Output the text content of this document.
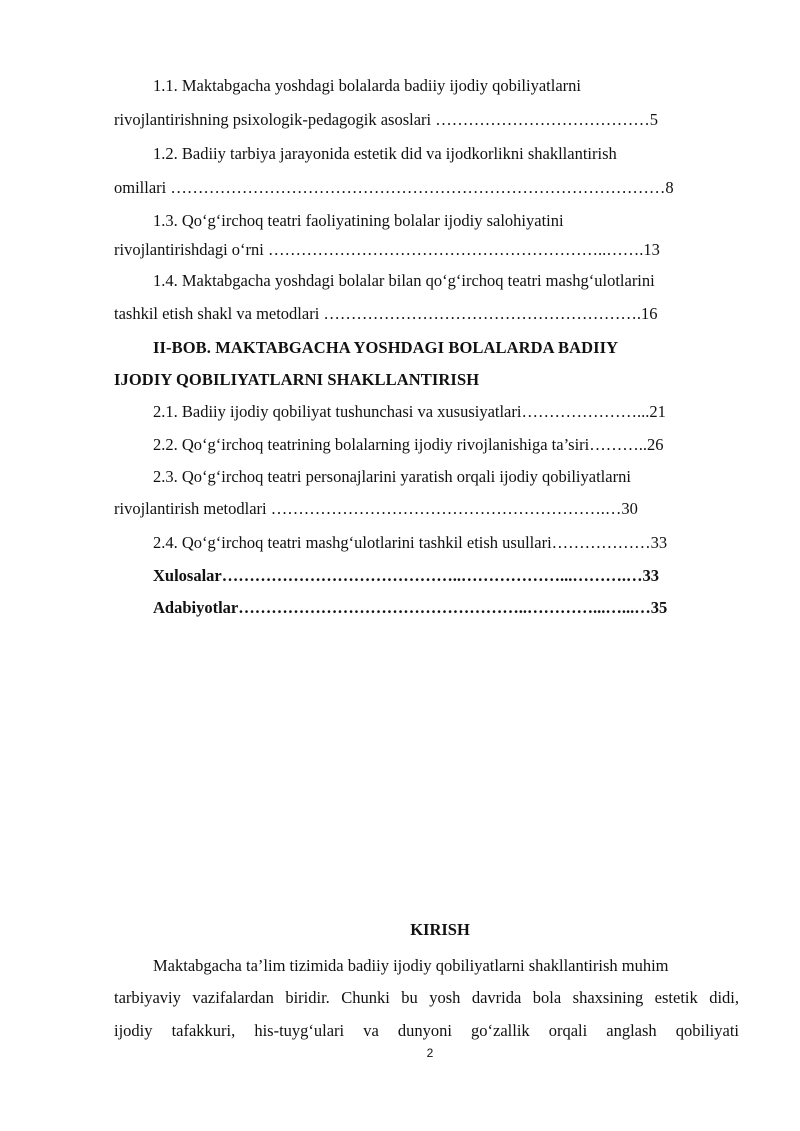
1.1. Maktabgacha yoshdagi bolalarda badiiy ijodiy qobiliyatlarni
rivojlantirishning psixologik-pedagogik asoslari …………………………………5
1.2. Badiiy tarbiya jarayonida estetik did va ijodkorlikni shakllantirish
omillari ………………………………………………………………………………8
1.3. Qo‘g‘irchoq teatri faoliyatining bolalar ijodiy salohiyatini
rivojlantirishdagi o‘rni ……………………………………………………..…….13
1.4. Maktabgacha yoshdagi bolalar bilan qo‘g‘irchoq teatri mashg‘ulotlarini
tashkil etish shakl va metodlari ………………………………………………….16
II-BOB. MAKTABGACHA YOSHDAGI BOLALARDA BADIIY
IJODIY QOBILIYATLARNI SHAKLLANTIRISH
2.1. Badiiy ijodiy qobiliyat tushunchasi va xususiyatlari…………………...21
2.2. Qo‘g‘irchoq teatrining bolalarning ijodiy rivojlanishiga ta’siri………..26
2.3. Qo‘g‘irchoq teatri personajlarini yaratish orqali ijodiy qobiliyatlarni
rivojlantirish metodlari …………………………………………………….…30
2.4. Qo‘g‘irchoq teatri mashg‘ulotlarini tashkil etish usullari………………33
Xulosalar……………………………………..………………...……….…33
Adabiyotlar……………………………………………..…………...…...…35
KIRISH
Maktabgacha ta’lim tizimida badiiy ijodiy qobiliyatlarni shakllantirish muhim
tarbiyaviy vazifalardan biridir. Chunki bu yosh davrida bola shaxsining estetik didi,
ijodiy tafakkuri, his-tuyg‘ulari va dunyoni go‘zallik orqali anglash qobiliyati
2
